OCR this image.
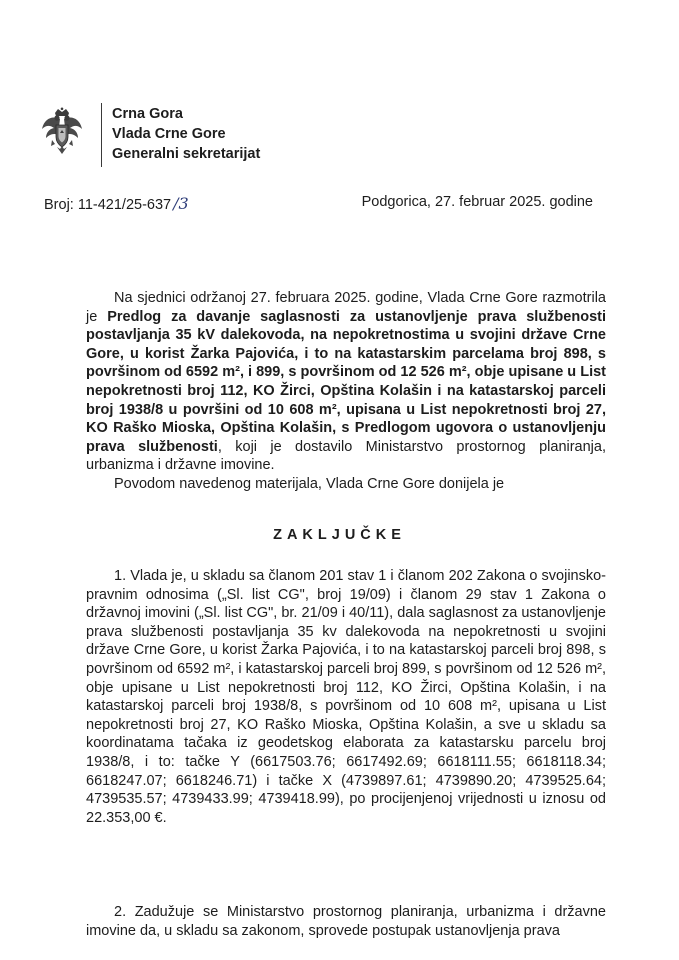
Crna Gora
Vlada Crne Gore
Generalni sekretarijat
Broj: 11-421/25-637 /3	Podgorica, 27. februar 2025. godine

Na sjednici održanoj 27. februara 2025. godine, Vlada Crne Gore razmotrila je Predlog za davanje saglasnosti za ustanovljenje prava službenosti postavljanja 35 kV dalekovoda, na nepokretnostima u svojini države Crne Gore, u korist Žarka Pajovića, i to na katastarskim parcelama broj 898, s površinom od 6592 m², i 899, s površinom od 12 526 m², obje upisane u List nepokretnosti broj 112, KO Žirci, Opština Kolašin i na katastarskoj parceli broj 1938/8 u površini od 10 608 m², upisana u List nepokretnosti broj 27, KO Raško Mioska, Opština Kolašin, s Predlogom ugovora o ustanovljenju prava službenosti, koji je dostavilo Ministarstvo prostornog planiranja, urbanizma i državne imovine.

Povodom navedenog materijala, Vlada Crne Gore donijela je

ZAKLJUČKE

1. Vlada je, u skladu sa članom 201 stav 1 i članom 202 Zakona o svojinsko-pravnim odnosima („Sl. list CG", broj 19/09) i članom 29 stav 1 Zakona o državnoj imovini („Sl. list CG", br. 21/09 i 40/11), dala saglasnost za ustanovljenje prava službenosti postavljanja 35 kv dalekovoda na nepokretnosti u svojini države Crne Gore, u korist Žarka Pajovića, i to na katastarskoj parceli broj 898, s površinom od 6592 m², i katastarskoj parceli broj 899, s površinom od 12 526 m², obje upisane u List nepokretnosti broj 112, KO Žirci, Opština Kolašin, i na katastarskoj parceli broj 1938/8, s površinom od 10 608 m², upisana u List nepokretnosti broj 27, KO Raško Mioska, Opština Kolašin, a sve u skladu sa koordinatama tačaka iz geodetskog elaborata za katastarsku parcelu broj 1938/8, i to: tačke Y (6617503.76; 6617492.69; 6618111.55; 6618118.34; 6618247.07; 6618246.71) i tačke X (4739897.61; 4739890.20; 4739525.64; 4739535.57; 4739433.99; 4739418.99), po procijenjenoj vrijednosti u iznosu od 22.353,00 €.

2. Zadužuje se Ministarstvo prostornog planiranja, urbanizma i državne imovine da, u skladu sa zakonom, sprovede postupak ustanovljenja prava
